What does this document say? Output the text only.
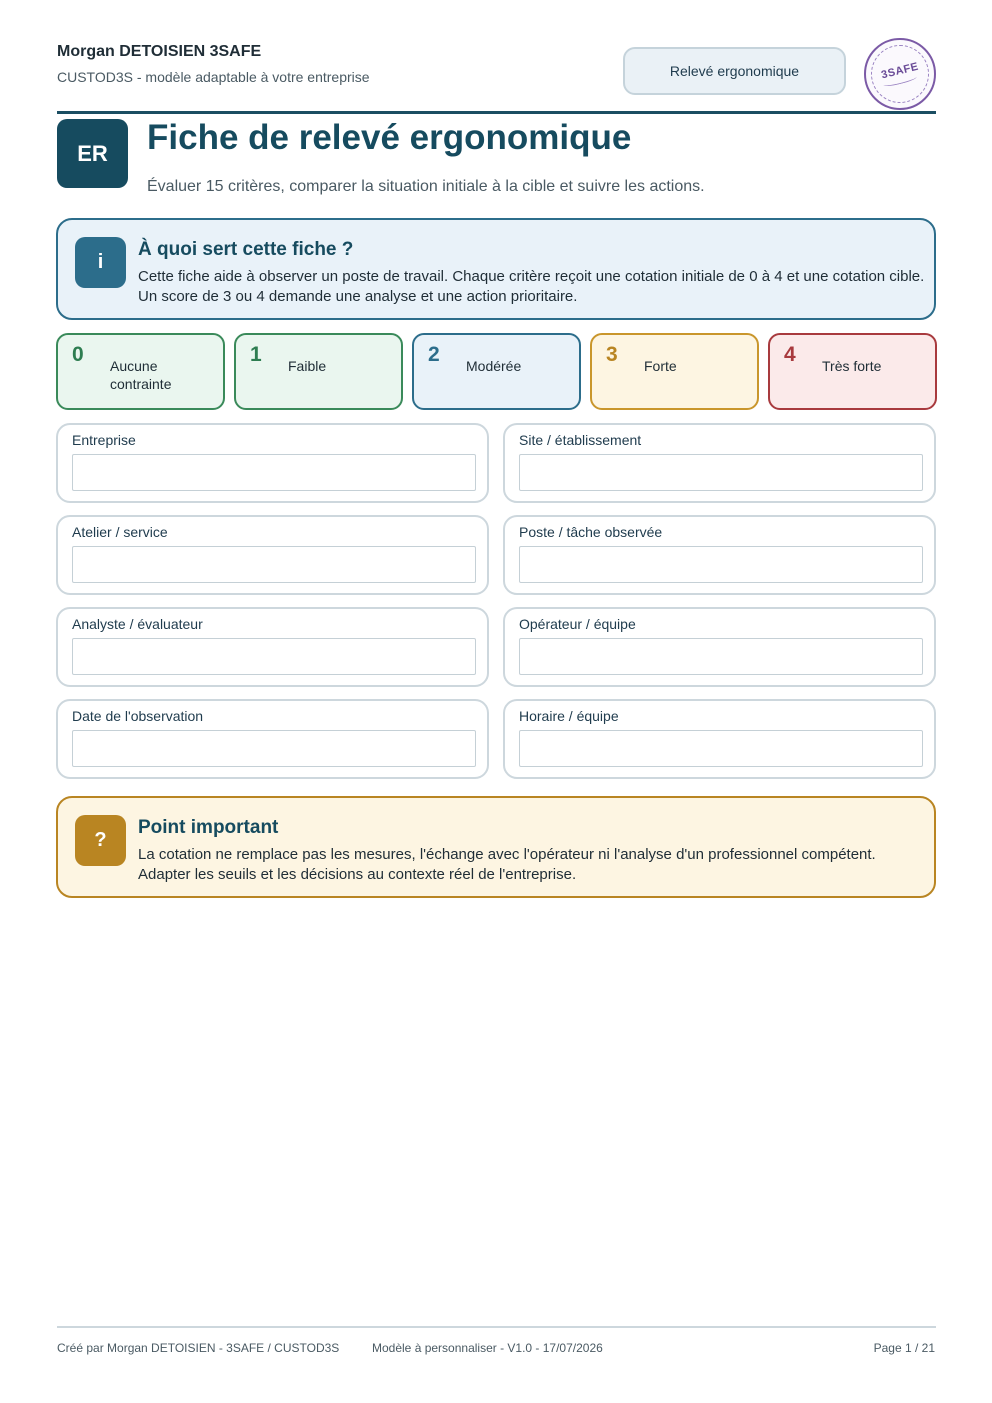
Morgan DETOISIEN 3SAFE
CUSTOD3S - modèle adaptable à votre entreprise	Relevé ergonomique	3SAFE
ER	Fiche de relevé ergonomique
Évaluer 15 critères, comparer la situation initiale à la cible et suivre les actions.
i
À quoi sert cette fiche ?
Cette fiche aide à observer un poste de travail. Chaque critère reçoit une cotation initiale de 0 à 4 et une cotation cible. Un score de 3 ou 4 demande une analyse et une action prioritaire.
0 Aucune contrainte
1 Faible	2 Modérée	3 Forte	4 Très forte
Entreprise	Site / établissement
Atelier / service	Poste / tâche observée
Analyste / évaluateur	Opérateur / équipe
Date de l'observation	Horaire / équipe
?
Point important
La cotation ne remplace pas les mesures, l'échange avec l'opérateur ni l'analyse d'un professionnel compétent. Adapter les seuils et les décisions au contexte réel de l'entreprise.
Créé par Morgan DETOISIEN - 3SAFE / CUSTOD3S	Modèle à personnaliser - V1.0 - 17/07/2026	Page 1 / 21
